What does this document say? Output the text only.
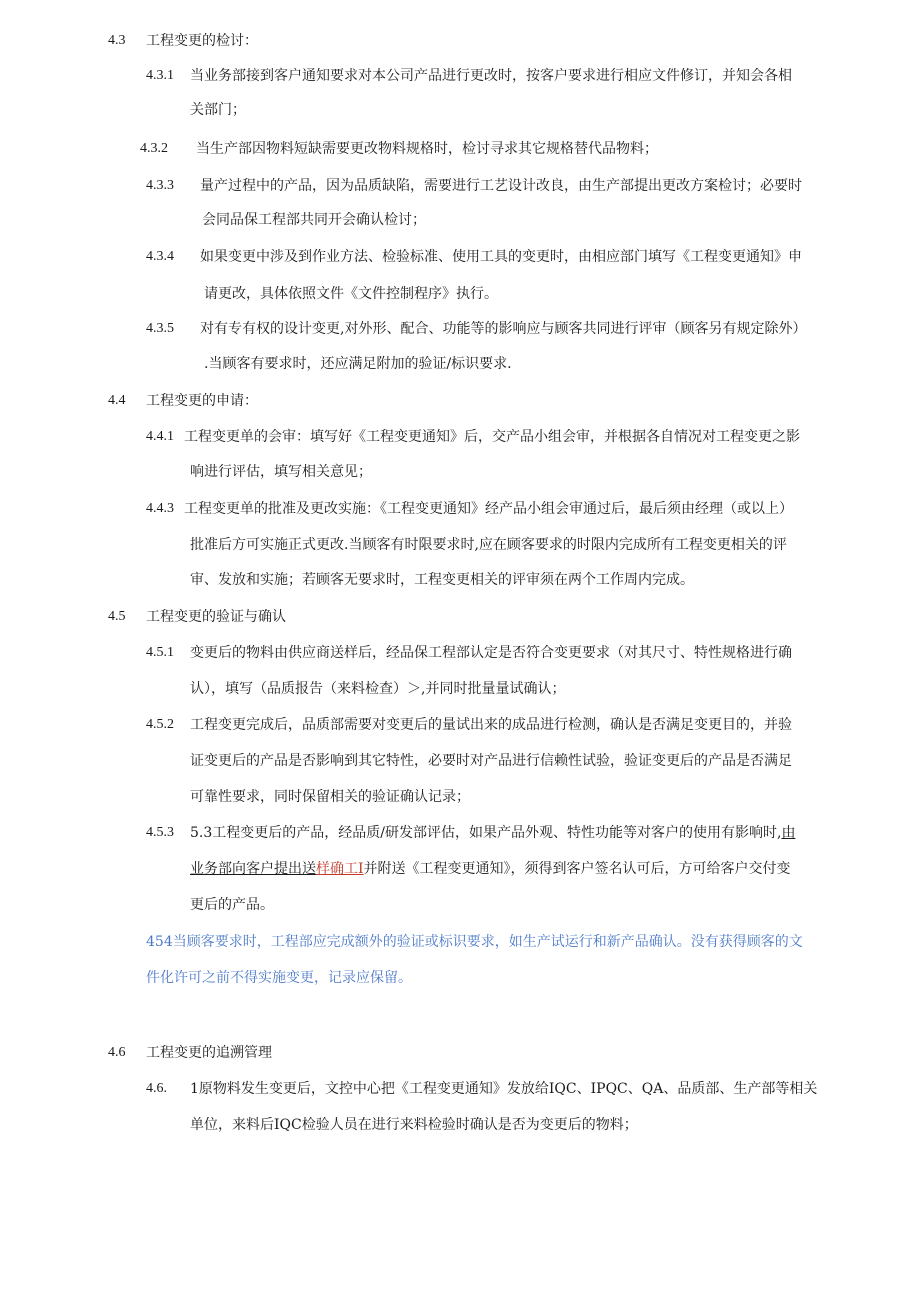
4.3 工程变更的检讨：
4.3.1 当业务部接到客户通知要求对本公司产品进行更改时，按客户要求进行相应文件修订，并知会各相
关部门；
4.3.2 当生产部因物料短缺需要更改物料规格时，检讨寻求其它规格替代品物料；
4.3.3 量产过程中的产品，因为品质缺陷，需要进行工艺设计改良，由生产部提出更改方案检讨；必要时
会同品保工程部共同开会确认检讨；
4.3.4 如果变更中涉及到作业方法、检验标准、使用工具的变更时，由相应部门填写《工程变更通知》申
请更改，具体依照文件《文件控制程序》执行。
4.3.5 对有专有权的设计变更,对外形、配合、功能等的影响应与顾客共同进行评审（顾客另有规定除外）
.当顾客有要求时，还应满足附加的验证/标识要求.
4.4 工程变更的申请：
4.4.1 工程变更单的会审：填写好《工程变更通知》后，交产品小组会审，并根据各自情况对工程变更之影
响进行评估，填写相关意见；
4.4.3 工程变更单的批准及更改实施：《工程变更通知》经产品小组会审通过后，最后须由经理（或以上）
批准后方可实施正式更改.当顾客有时限要求时,应在顾客要求的时限内完成所有工程变更相关的评
审、发放和实施；若顾客无要求时，工程变更相关的评审须在两个工作周内完成。
4.5 工程变更的验证与确认
4.5.1 变更后的物料由供应商送样后，经品保工程部认定是否符合变更要求（对其尺寸、特性规格进行确
认），填写（品质报告（来料检查）＞,并同时批量量试确认；
4.5.2 工程变更完成后，品质部需要对变更后的量试出来的成品进行检测，确认是否满足变更目的，并验
证变更后的产品是否影响到其它特性，必要时对产品进行信赖性试验，验证变更后的产品是否满足
可靠性要求，同时保留相关的验证确认记录；
4.5.3 5.3工程变更后的产品，经品质/研发部评估，如果产品外观、特性功能等对客户的使用有影响时,由
业务部向客户提出送样确工I并附送《工程变更通知》，须得到客户签名认可后，方可给客户交付变
更后的产品。
454当顾客要求时，工程部应完成额外的验证或标识要求，如生产试运行和新产品确认。没有获得顾客的文
件化许可之前不得实施变更，记录应保留。
4.6 工程变更的追溯管理
4.6. 1原物料发生变更后，文控中心把《工程变更通知》发放给IQC、IPQC、QA、品质部、生产部等相关
单位，来料后IQC检验人员在进行来料检验时确认是否为变更后的物料；
